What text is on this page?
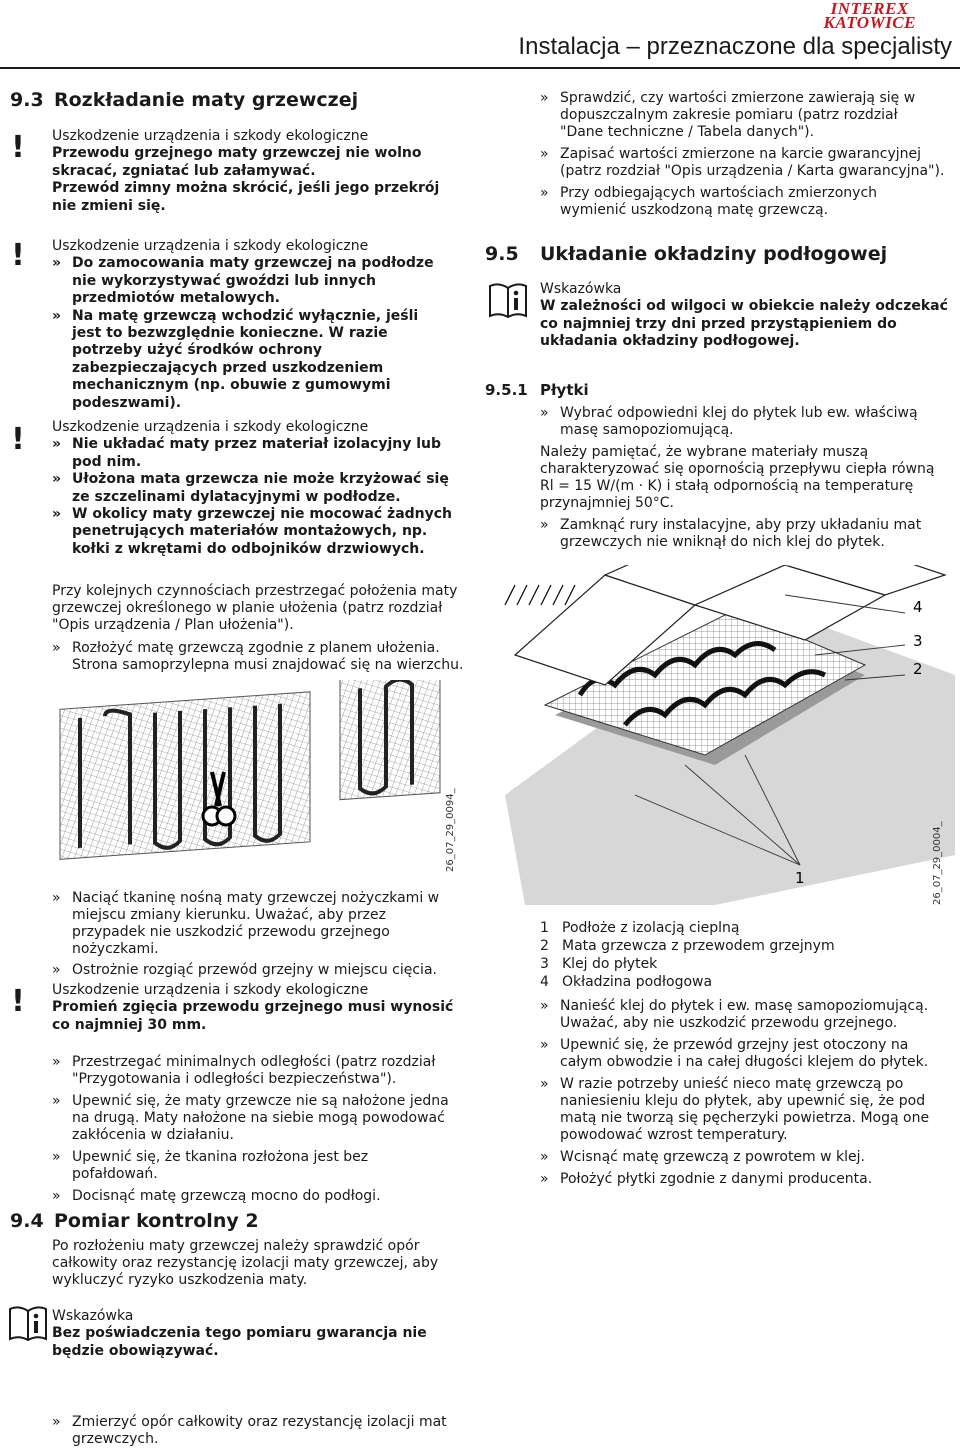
INTEREX
KATOWICE
Instalacja – przeznaczone dla specjalisty
9.3 Rozkładanie maty grzewczej
! Uszkodzenie urządzenia i szkody ekologiczne
Przewodu grzejnego maty grzewczej nie wolno skracać, zgniatać lub załamywać.
Przewód zimny można skrócić, jeśli jego przekrój nie zmieni się.
! Uszkodzenie urządzenia i szkody ekologiczne
» Do zamocowania maty grzewczej na podłodze nie wykorzystywać gwoździ lub innych przedmiotów metalowych.
» Na matę grzewczą wchodzić wyłącznie, jeśli jest to bezwzględnie konieczne. W razie potrzeby użyć środków ochrony zabezpieczających przed uszkodzeniem mechanicznym (np. obuwie z gumowymi podeszwami).
! Uszkodzenie urządzenia i szkody ekologiczne
» Nie układać maty przez materiał izolacyjny lub pod nim.
» Ułożona mata grzewcza nie może krzyżować się ze szczelinami dylatacyjnymi w podłodze.
» W okolicy maty grzewczej nie mocować żadnych penetrujących materiałów montażowych, np. kołki z wkrętami do odbojników drzwiowych.
Przy kolejnych czynnościach przestrzegać położenia maty grzewczej określonego w planie ułożenia (patrz rozdział "Opis urządzenia / Plan ułożenia").
» Rozłożyć matę grzewczą zgodnie z planem ułożenia. Strona samoprzylepna musi znajdować się na wierzchu.
26_07_29_0094_
» Naciąć tkaninę nośną maty grzewczej nożyczkami w miejscu zmiany kierunku. Uważać, aby przez przypadek nie uszkodzić przewodu grzejnego nożyczkami.
» Ostrożnie rozgiąć przewód grzejny w miejscu cięcia.
! Uszkodzenie urządzenia i szkody ekologiczne
Promień zgięcia przewodu grzejnego musi wynosić co najmniej 30 mm.
» Przestrzegać minimalnych odległości (patrz rozdział "Przygotowania i odległości bezpieczeństwa").
» Upewnić się, że maty grzewcze nie są nałożone jedna na drugą. Maty nałożone na siebie mogą powodować zakłócenia w działaniu.
» Upewnić się, że tkanina rozłożona jest bez pofałdowań.
» Docisnąć matę grzewczą mocno do podłogi.
9.4 Pomiar kontrolny 2
Po rozłożeniu maty grzewczej należy sprawdzić opór całkowity oraz rezystancję izolacji maty grzewczej, aby wykluczyć ryzyko uszkodzenia maty.
Wskazówka
Bez poświadczenia tego pomiaru gwarancja nie będzie obowiązywać.
» Zmierzyć opór całkowity oraz rezystancję izolacji mat grzewczych.
» Sprawdzić, czy wartości zmierzone zawierają się w dopuszczalnym zakresie pomiaru (patrz rozdział "Dane techniczne / Tabela danych").
» Zapisać wartości zmierzone na karcie gwarancyjnej (patrz rozdział "Opis urządzenia / Karta gwarancyjna").
» Przy odbiegających wartościach zmierzonych wymienić uszkodzoną matę grzewczą.
9.5 Układanie okładziny podłogowej
Wskazówka
W zależności od wilgoci w obiekcie należy odczekać co najmniej trzy dni przed przystąpieniem do układania okładziny podłogowej.
9.5.1 Płytki
» Wybrać odpowiedni klej do płytek lub ew. właściwą masę samopoziomującą.
Należy pamiętać, że wybrane materiały muszą charakteryzować się opornością przepływu ciepła równą Rl = 15 W/(m · K) i stałą odpornością na temperaturę przynajmniej 50°C.
» Zamknąć rury instalacyjne, aby przy układaniu mat grzewczych nie wniknął do nich klej do płytek.
4
3
2
1	26_07_29_0004_
1 Podłoże z izolacją cieplną
2 Mata grzewcza z przewodem grzejnym
3 Klej do płytek
4 Okładzina podłogowa
» Nanieść klej do płytek i ew. masę samopoziomującą. Uważać, aby nie uszkodzić przewodu grzejnego.
» Upewnić się, że przewód grzejny jest otoczony na całym obwodzie i na całej długości klejem do płytek.
» W razie potrzeby unieść nieco matę grzewczą po naniesieniu kleju do płytek, aby upewnić się, że pod matą nie tworzą się pęcherzyki powietrza. Mogą one powodować wzrost temperatury.
» Wcisnąć matę grzewczą z powrotem w klej.
» Położyć płytki zgodnie z danymi producenta.
